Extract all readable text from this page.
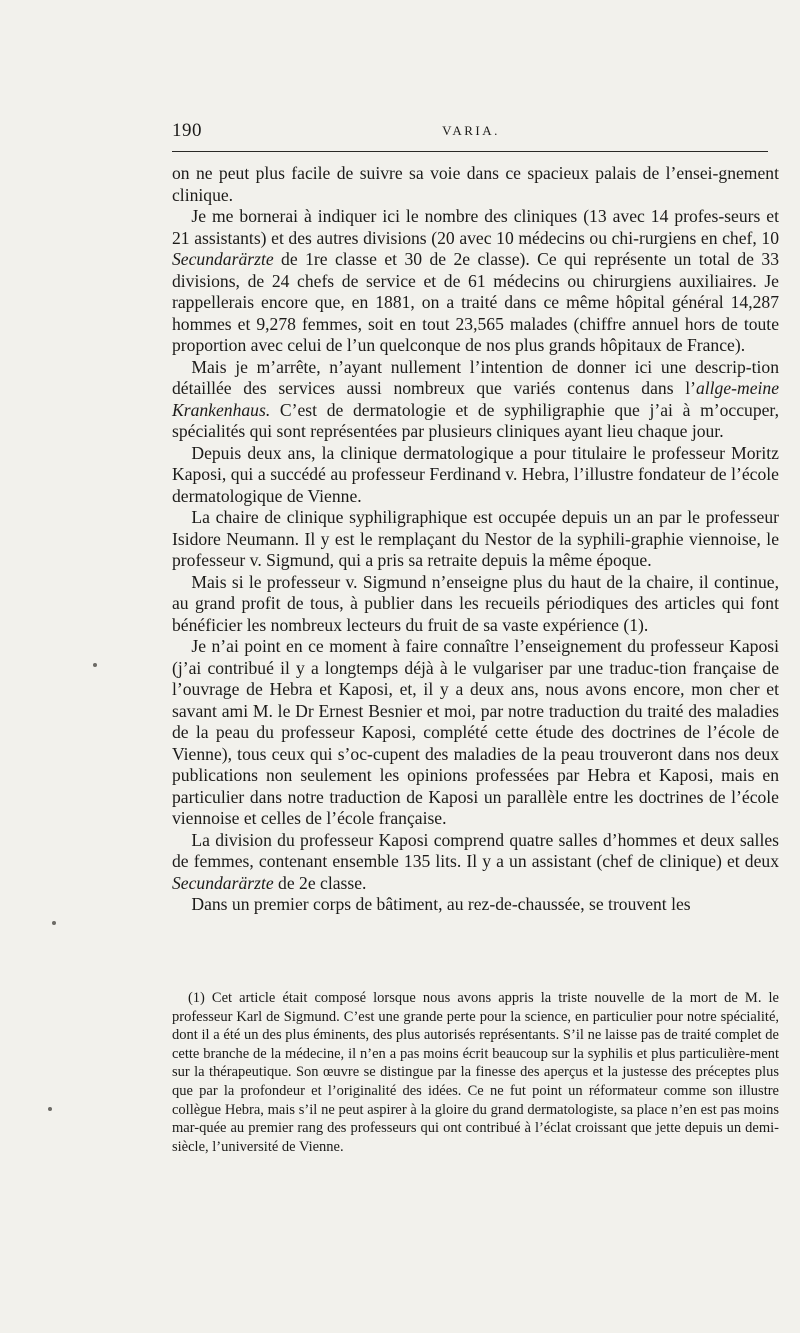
190	VARIA.

on ne peut plus facile de suivre sa voie dans ce spacieux palais de l’ensei-gnement clinique.

Je me bornerai à indiquer ici le nombre des cliniques (13 avec 14 profes-seurs et 21 assistants) et des autres divisions (20 avec 10 médecins ou chi-rurgiens en chef, 10 Secundarärzte de 1re classe et 30 de 2e classe). Ce qui représente un total de 33 divisions, de 24 chefs de service et de 61 médecins ou chirurgiens auxiliaires. Je rappellerais encore que, en 1881, on a traité dans ce même hôpital général 14,287 hommes et 9,278 femmes, soit en tout 23,565 malades (chiffre annuel hors de toute proportion avec celui de l’un quelconque de nos plus grands hôpitaux de France).

Mais je m’arrête, n’ayant nullement l’intention de donner ici une descrip-tion détaillée des services aussi nombreux que variés contenus dans l’allge-meine Krankenhaus. C’est de dermatologie et de syphiligraphie que j’ai à m’occuper, spécialités qui sont représentées par plusieurs cliniques ayant lieu chaque jour.

Depuis deux ans, la clinique dermatologique a pour titulaire le professeur Moritz Kaposi, qui a succédé au professeur Ferdinand v. Hebra, l’illustre fondateur de l’école dermatologique de Vienne.

La chaire de clinique syphiligraphique est occupée depuis un an par le professeur Isidore Neumann. Il y est le remplaçant du Nestor de la syphili-graphie viennoise, le professeur v. Sigmund, qui a pris sa retraite depuis la même époque.

Mais si le professeur v. Sigmund n’enseigne plus du haut de la chaire, il continue, au grand profit de tous, à publier dans les recueils périodiques des articles qui font bénéficier les nombreux lecteurs du fruit de sa vaste expérience (1).

Je n’ai point en ce moment à faire connaître l’enseignement du professeur Kaposi (j’ai contribué il y a longtemps déjà à le vulgariser par une traduc-tion française de l’ouvrage de Hebra et Kaposi, et, il y a deux ans, nous avons encore, mon cher et savant ami M. le Dr Ernest Besnier et moi, par notre traduction du traité des maladies de la peau du professeur Kaposi, complété cette étude des doctrines de l’école de Vienne), tous ceux qui s’oc-cupent des maladies de la peau trouveront dans nos deux publications non seulement les opinions professées par Hebra et Kaposi, mais en particulier dans notre traduction de Kaposi un parallèle entre les doctrines de l’école viennoise et celles de l’école française.

La division du professeur Kaposi comprend quatre salles d’hommes et deux salles de femmes, contenant ensemble 135 lits. Il y a un assistant (chef de clinique) et deux Secundarärzte de 2e classe.

Dans un premier corps de bâtiment, au rez-de-chaussée, se trouvent les

(1) Cet article était composé lorsque nous avons appris la triste nouvelle de la mort de M. le professeur Karl de Sigmund. C’est une grande perte pour la science, en particulier pour notre spécialité, dont il a été un des plus éminents, des plus autorisés représentants. S’il ne laisse pas de traité complet de cette branche de la médecine, il n’en a pas moins écrit beaucoup sur la syphilis et plus particulière-ment sur la thérapeutique. Son œuvre se distingue par la finesse des aperçus et la justesse des préceptes plus que par la profondeur et l’originalité des idées. Ce ne fut point un réformateur comme son illustre collègue Hebra, mais s’il ne peut aspirer à la gloire du grand dermatologiste, sa place n’en est pas moins mar-quée au premier rang des professeurs qui ont contribué à l’éclat croissant que jette depuis un demi-siècle, l’université de Vienne.
